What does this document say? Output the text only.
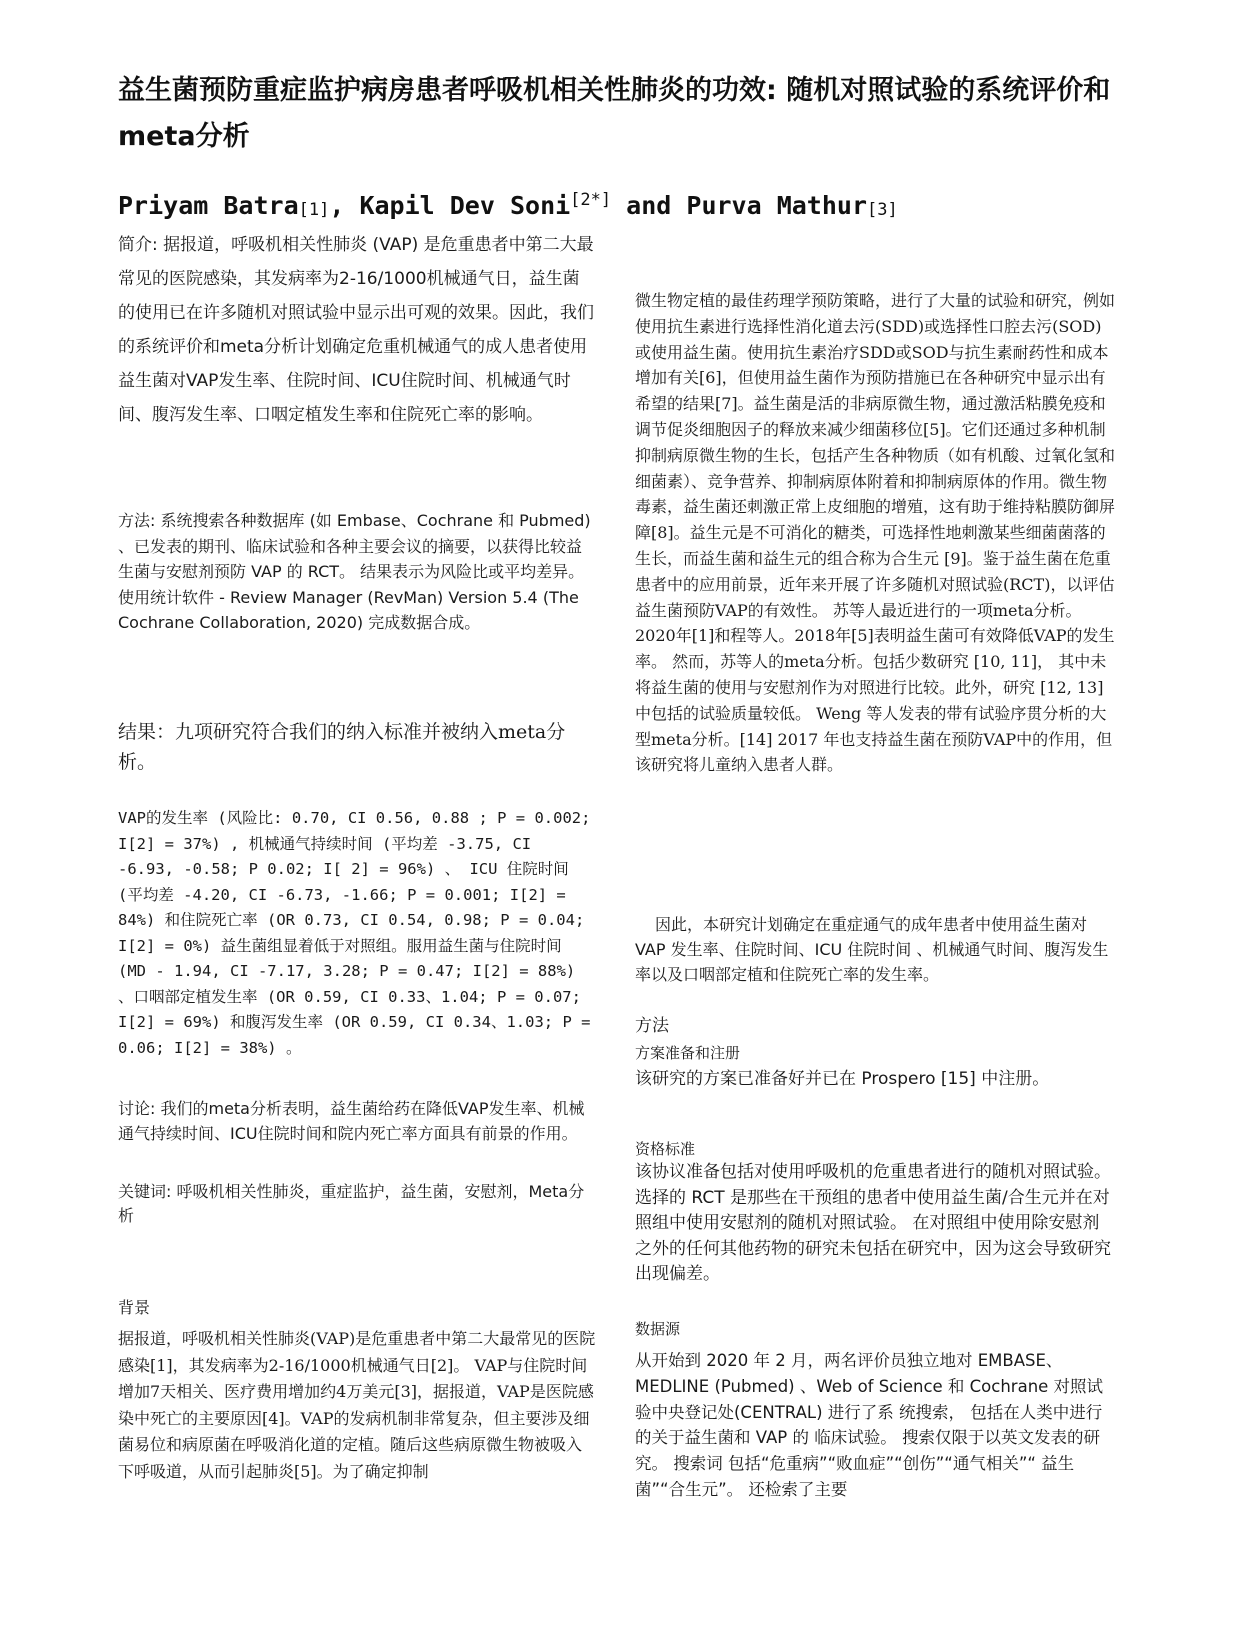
益生菌预防重症监护病房患者呼吸机相关性肺炎的功效: 随机对照试验的系统评价和meta分析
Priyam Batra[1], Kapil Dev Soni[2*] and Purva Mathur[3]

简介: 据报道，呼吸机相关性肺炎 (VAP) 是危重患者中第二大最常见的医院感染，其发病率为2-16/1000机械通气日，益生菌的使用已在许多随机对照试验中显示出可观的效果。因此，我们的系统评价和meta分析计划确定危重机械通气的成人患者使用益生菌对VAP发生率、住院时间、ICU住院时间、机械通气时间、腹泻发生率、口咽定植发生率和住院死亡率的影响。

方法: 系统搜索各种数据库 (如 Embase、Cochrane 和 Pubmed) 、已发表的期刊、临床试验和各种主要会议的摘要，以获得比较益生菌与安慰剂预防 VAP 的 RCT。 结果表示为风险比或平均差异。 使用统计软件 - Review Manager (RevMan) Version 5.4 (The Cochrane Collaboration, 2020) 完成数据合成。

结果：九项研究符合我们的纳入标准并被纳入meta分析。

VAP的发生率 (风险比: 0.70, CI 0.56, 0.88 ; P = 0.002; I[2] = 37%) , 机械通气持续时间 (平均差 -3.75, CI -6.93, -0.58; P 0.02; I[ 2] = 96%) 、 ICU 住院时间 (平均差 -4.20, CI -6.73, -1.66; P = 0.001; I[2] = 84%) 和住院死亡率 (OR 0.73, CI 0.54, 0.98; P = 0.04; I[2] = 0%) 益生菌组显着低于对照组。服用益生菌与住院时间 (MD - 1.94, CI -7.17, 3.28; P = 0.47; I[2] = 88%) 、口咽部定植发生率 (OR 0.59, CI 0.33、1.04; P = 0.07; I[2] = 69%) 和腹泻发生率 (OR 0.59, CI 0.34、1.03; P = 0.06; I[2] = 38%) 。

讨论: 我们的meta分析表明，益生菌给药在降低VAP发生率、机械通气持续时间、ICU住院时间和院内死亡率方面具有前景的作用。

关键词: 呼吸机相关性肺炎，重症监护，益生菌，安慰剂，Meta分析

背景

据报道，呼吸机相关性肺炎(VAP)是危重患者中第二大最常见的医院感染[1]，其发病率为2-16/1000机械通气日[2]。 VAP与住院时间增加7天相关、医疗费用增加约4万美元[3]，据报道，VAP是医院感染中死亡的主要原因[4]。VAP的发病机制非常复杂，但主要涉及细菌易位和病原菌在呼吸消化道的定植。随后这些病原微生物被吸入下呼吸道，从而引起肺炎[5]。为了确定抑制

微生物定植的最佳药理学预防策略，进行了大量的试验和研究，例如使用抗生素进行选择性消化道去污(SDD)或选择性口腔去污(SOD)或使用益生菌。使用抗生素治疗SDD或SOD与抗生素耐药性和成本增加有关[6]，但使用益生菌作为预防措施已在各种研究中显示出有希望的结果[7]。益生菌是活的非病原微生物，通过激活粘膜免疫和调节促炎细胞因子的释放来减少细菌移位[5]。它们还通过多种机制抑制病原微生物的生长，包括产生各种物质（如有机酸、过氧化氢和细菌素）、竞争营养、抑制病原体附着和抑制病原体的作用。微生物毒素，益生菌还刺激正常上皮细胞的增殖，这有助于维持粘膜防御屏障[8]。益生元是不可消化的糖类，可选择性地刺激某些细菌菌落的生长，而益生菌和益生元的组合称为合生元 [9]。鉴于益生菌在危重患者中的应用前景，近年来开展了许多随机对照试验(RCT)，以评估益生菌预防VAP的有效性。 苏等人最近进行的一项meta分析。2020年[1]和程等人。2018年[5]表明益生菌可有效降低VAP的发生率。 然而，苏等人的meta分析。包括少数研究 [10, 11]， 其中未将益生菌的使用与安慰剂作为对照进行比较。此外，研究 [12, 13] 中包括的试验质量较低。 Weng 等人发表的带有试验序贯分析的大型meta分析。[14] 2017 年也支持益生菌在预防VAP中的作用，但该研究将儿童纳入患者人群。

因此，本研究计划确定在重症通气的成年患者中使用益生菌对VAP 发生率、住院时间、ICU 住院时间 、机械通气时间、腹泻发生率以及口咽部定植和住院死亡率的发生率。

方法

方案准备和注册

该研究的方案已准备好并已在 Prospero [15] 中注册。

资格标准

该协议准备包括对使用呼吸机的危重患者进行的随机对照试验。 选择的 RCT 是那些在干预组的患者中使用益生菌/合生元并在对照组中使用安慰剂的随机对照试验。 在对照组中使用除安慰剂之外的任何其他药物的研究未包括在研究中，因为这会导致研究出现偏差。

数据源

从开始到 2020 年 2 月，两名评价员独立地对 EMBASE、MEDLINE (Pubmed) 、Web of Science 和 Cochrane 对照试验中央登记处(CENTRAL) 进行了系 统搜索， 包括在人类中进行的关于益生菌和 VAP 的 临床试验。 搜索仅限于以英文发表的研究。 搜索词 包括“危重病”“败血症”“创伤”“通气相关”“ 益生菌”“合生元”。 还检索了主要
